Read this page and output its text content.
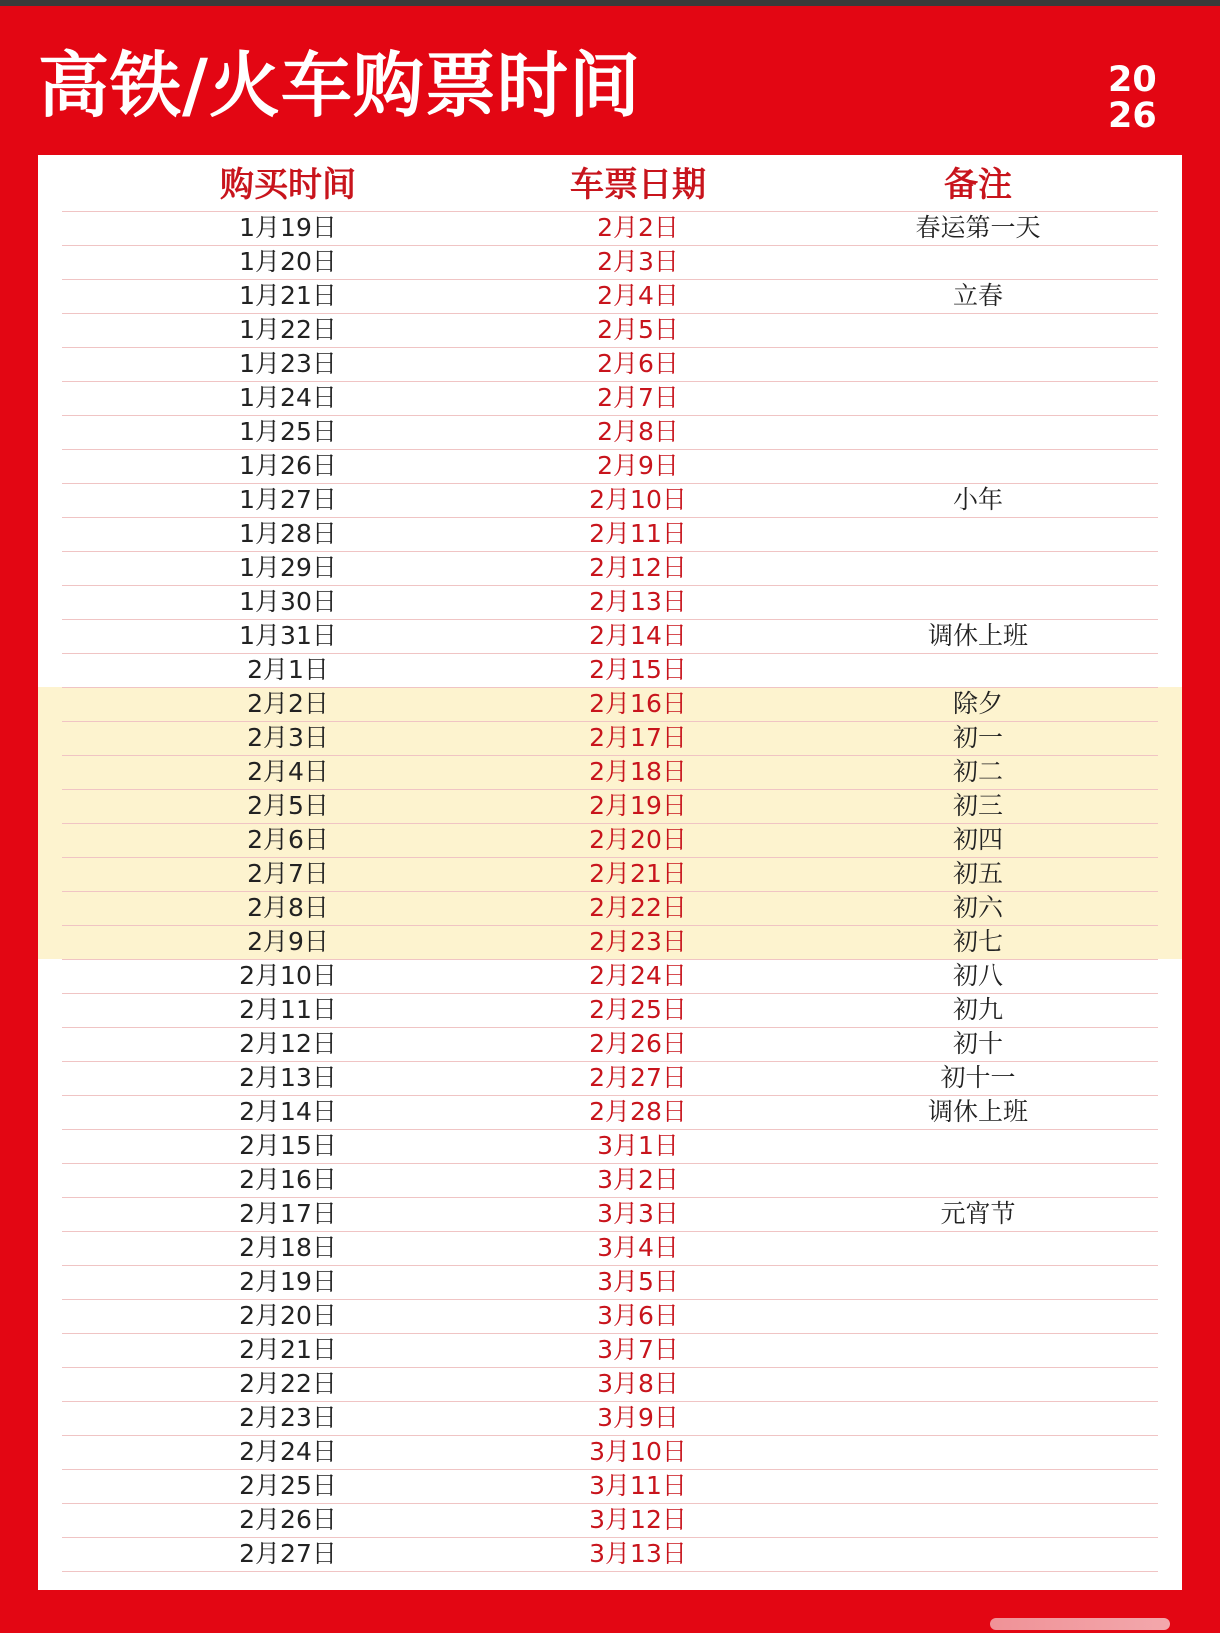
高铁/火车购票时间	20
26
购买时间	车票日期	备注
1月19日	2月2日	春运第一天
1月20日	2月3日
1月21日	2月4日	立春
1月22日	2月5日
1月23日	2月6日
1月24日	2月7日
1月25日	2月8日
1月26日	2月9日
1月27日	2月10日	小年
1月28日	2月11日
1月29日	2月12日
1月30日	2月13日
1月31日	2月14日	调休上班
2月1日	2月15日
2月2日	2月16日	除夕
2月3日	2月17日	初一
2月4日	2月18日	初二
2月5日	2月19日	初三
2月6日	2月20日	初四
2月7日	2月21日	初五
2月8日	2月22日	初六
2月9日	2月23日	初七
2月10日	2月24日	初八
2月11日	2月25日	初九
2月12日	2月26日	初十
2月13日	2月27日	初十一
2月14日	2月28日	调休上班
2月15日	3月1日
2月16日	3月2日
2月17日	3月3日	元宵节
2月18日	3月4日
2月19日	3月5日
2月20日	3月6日
2月21日	3月7日
2月22日	3月8日
2月23日	3月9日
2月24日	3月10日
2月25日	3月11日
2月26日	3月12日
2月27日	3月13日
